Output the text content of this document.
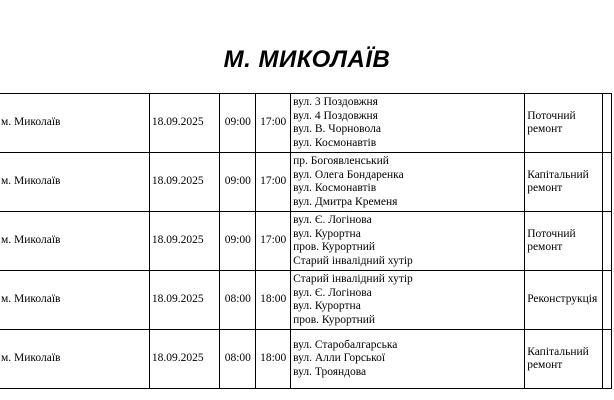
М. МИКОЛАЇВ
м. Миколаїв	18.09.2025	09:00	17:00	вул. 3 Поздовжня
вул. 4 Поздовжня
вул. В. Чорновола
вул. Космонавтів	Поточний
ремонт	

м. Миколаїв	18.09.2025	09:00	17:00	пр. Богоявленський
вул. Олега Бондаренка
вул. Космонавтів
вул. Дмитра Кременя	Капітальний
ремонт	

м. Миколаїв	18.09.2025	09:00	17:00	вул. Є. Логінова
вул. Курортна
пров. Курортний
Старий інвалідний хутір	Поточний
ремонт	

м. Миколаїв	18.09.2025	08:00	18:00	Старий інвалідний хутір
вул. Є. Логінова
вул. Курортна
пров. Курортний	Реконструкція	

м. Миколаїв	18.09.2025	08:00	18:00	вул. Старобалгарська
вул. Алли Горської
вул. Трояндова	Капітальний
ремонт	
